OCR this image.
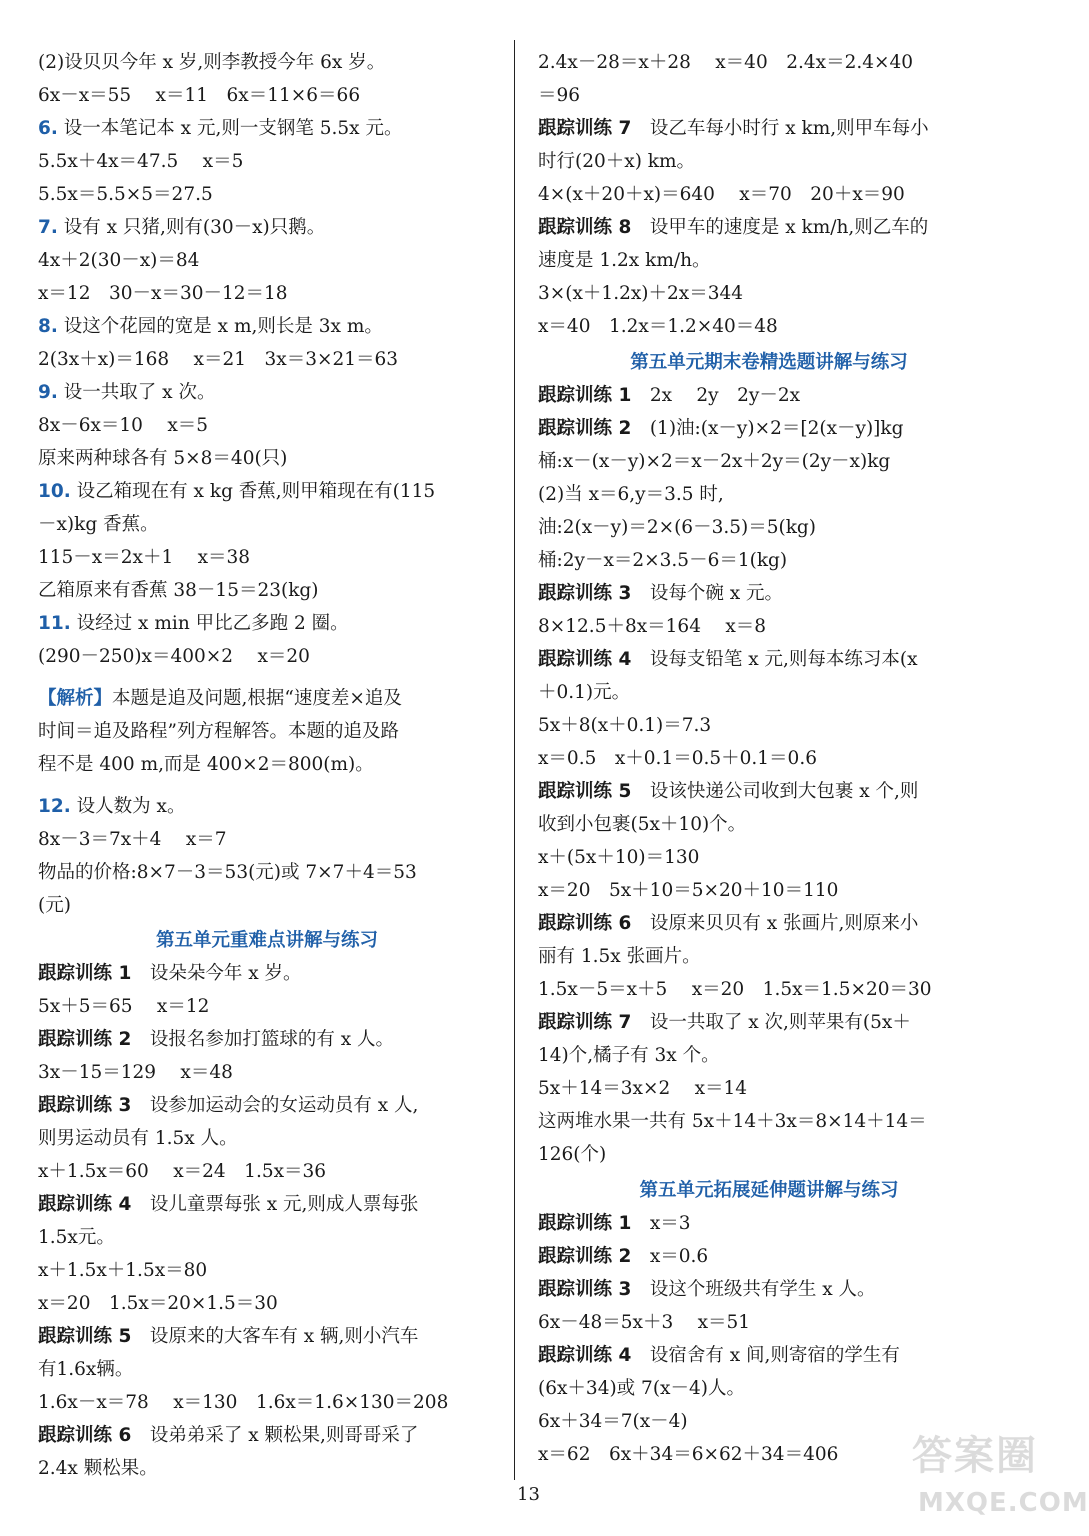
(2)设贝贝今年 x 岁,则李教授今年 6x 岁。
6x－x＝55　 x＝11　6x＝11×6＝66
6. 设一本笔记本 x 元,则一支钢笔 5.5x 元。
5.5x＋4x＝47.5　 x＝5
5.5x＝5.5×5＝27.5
7. 设有 x 只猪,则有(30－x)只鹅。
4x＋2(30－x)＝84
x＝12　30－x＝30－12＝18
8. 设这个花园的宽是 x m,则长是 3x m。
2(3x＋x)＝168　 x＝21　3x＝3×21＝63
9. 设一共取了 x 次。
8x－6x＝10　 x＝5
原来两种球各有 5×8＝40(只)
10. 设乙箱现在有 x kg 香蕉,则甲箱现在有(115
－x)kg 香蕉。
115－x＝2x＋1　 x＝38
乙箱原来有香蕉 38－15＝23(kg)
11. 设经过 x min 甲比乙多跑 2 圈。
(290－250)x＝400×2　 x＝20
【解析】本题是追及问题,根据“速度差×追及
时间＝追及路程”列方程解答。本题的追及路
程不是 400 m,而是 400×2＝800(m)。
12. 设人数为 x。
8x－3＝7x＋4　 x＝7
物品的价格:8×7－3＝53(元)或 7×7＋4＝53
(元)
第五单元重难点讲解与练习
跟踪训练 1　设朵朵今年 x 岁。
5x＋5＝65　 x＝12
跟踪训练 2　设报名参加打篮球的有 x 人。
3x－15＝129　 x＝48
跟踪训练 3　设参加运动会的女运动员有 x 人,
则男运动员有 1.5x 人。
x＋1.5x＝60　 x＝24　1.5x＝36
跟踪训练 4　设儿童票每张 x 元,则成人票每张
1.5x元。
x＋1.5x＋1.5x＝80
x＝20　1.5x＝20×1.5＝30
跟踪训练 5　设原来的大客车有 x 辆,则小汽车
有1.6x辆。
1.6x－x＝78　 x＝130　1.6x＝1.6×130＝208
跟踪训练 6　设弟弟采了 x 颗松果,则哥哥采了
2.4x 颗松果。
2.4x－28＝x＋28　 x＝40　2.4x＝2.4×40
＝96
跟踪训练 7　设乙车每小时行 x km,则甲车每小
时行(20＋x) km。
4×(x＋20＋x)＝640　 x＝70　20＋x＝90
跟踪训练 8　设甲车的速度是 x km/h,则乙车的
速度是 1.2x km/h。
3×(x＋1.2x)＋2x＝344
x＝40　1.2x＝1.2×40＝48
第五单元期末卷精选题讲解与练习
跟踪训练 1　2x　 2y　2y－2x
跟踪训练 2　(1)油:(x－y)×2＝[2(x－y)]kg
桶:x－(x－y)×2＝x－2x＋2y＝(2y－x)kg
(2)当 x＝6,y＝3.5 时,
油:2(x－y)＝2×(6－3.5)＝5(kg)
桶:2y－x＝2×3.5－6＝1(kg)
跟踪训练 3　设每个碗 x 元。
8×12.5＋8x＝164　 x＝8
跟踪训练 4　设每支铅笔 x 元,则每本练习本(x
＋0.1)元。
5x＋8(x＋0.1)＝7.3
x＝0.5　x＋0.1＝0.5＋0.1＝0.6
跟踪训练 5　设该快递公司收到大包裹 x 个,则
收到小包裹(5x＋10)个。
x＋(5x＋10)＝130
x＝20　5x＋10＝5×20＋10＝110
跟踪训练 6　设原来贝贝有 x 张画片,则原来小
丽有 1.5x 张画片。
1.5x－5＝x＋5　 x＝20　1.5x＝1.5×20＝30
跟踪训练 7　设一共取了 x 次,则苹果有(5x＋
14)个,橘子有 3x 个。
5x＋14＝3x×2　 x＝14
这两堆水果一共有 5x＋14＋3x＝8×14＋14＝
126(个)
第五单元拓展延伸题讲解与练习
跟踪训练 1　x＝3
跟踪训练 2　x＝0.6
跟踪训练 3　设这个班级共有学生 x 人。
6x－48＝5x＋3　 x＝51
跟踪训练 4　设宿舍有 x 间,则寄宿的学生有
(6x＋34)或 7(x－4)人。
6x＋34＝7(x－4)
x＝62　6x＋34＝6×62＋34＝406
13
答案圈
MXQE.COM
